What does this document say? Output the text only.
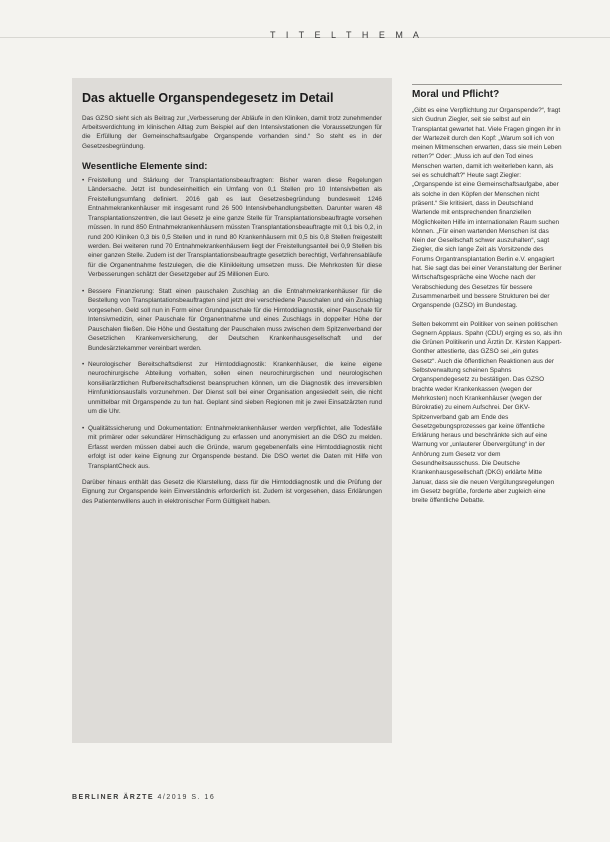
T I T E L T H E M A
Das aktuelle Organspendegesetz im Detail

Das GZSO sieht sich als Beitrag zur „Verbesserung der Abläufe in den Kliniken, damit trotz zunehmender Arbeitsverdichtung im klinischen Alltag zum Beispiel auf den Intensivstationen die Voraussetzungen für die Erfüllung der Gemeinschaftsaufgabe Organspende vorhanden sind.“ So steht es in der Gesetzesbegründung.

Wesentliche Elemente sind:
• Freistellung und Stärkung der Transplantationsbeauftragten: Bisher waren diese Regelungen Ländersache. Jetzt ist bundeseinheitlich ein Umfang von 0,1 Stellen pro 10 Intensivbetten als Freistellungsumfang definiert. 2016 gab es laut Gesetzesbegründung bundesweit 1246 Entnahmekrankenhäuser mit insgesamt rund 26 500 Intensivbehandlungsbetten. Darunter waren 48 Transplantationszentren, die laut Gesetz je eine ganze Stelle für Transplantationsbeauftragte vorsehen müssen. In rund 850 Entnahmekrankenhäusern müssten Transplantationsbeauftragte mit 0,1 bis 0,2, in rund 200 Kliniken 0,3 bis 0,5 Stellen und in rund 80 Krankenhäusern mit 0,5 bis 0,8 Stellen freigestellt werden. Bei weiteren rund 70 Entnahmekrankenhäusern liegt der Freistellungsanteil bei 0,9 Stellen bis einer ganzen Stelle. Zudem ist der Transplantationsbeauftragte gesetzlich berechtigt, Verfahrensabläufe für die Organentnahme festzulegen, die die Klinikleitung umsetzen muss. Die Mehrkosten für diese Verbesserungen schätzt der Gesetzgeber auf 25 Millionen Euro.
• Bessere Finanzierung: Statt einen pauschalen Zuschlag an die Entnahmekrankenhäuser für die Bestellung von Transplantationsbeauftragten sind jetzt drei verschiedene Pauschalen und ein Zuschlag vorgesehen. Geld soll nun in Form einer Grundpauschale für die Hirntoddiagnostik, einer Pauschale für Intensivmedizin, einer Pauschale für Organentnahme und eines Zuschlags in doppelter Höhe der Pauschalen fließen. Die Höhe und Gestaltung der Pauschalen muss zwischen dem Spitzenverband der Gesetzlichen Krankenversicherung, der Deutschen Krankenhausgesellschaft und der Bundesärztekammer vereinbart werden.
• Neurologischer Bereitschaftsdienst zur Hirntoddiagnostik: Krankenhäuser, die keine eigene neurochirurgische Abteilung vorhalten, sollen einen neurochirurgischen und neurologischen konsiliarärztlichen Rufbereitschaftsdienst beanspruchen können, um die Diagnostik des irreversiblen Hirnfunktionsausfalls vorzunehmen. Der Dienst soll bei einer Organisation angesiedelt sein, die nicht unmittelbar mit Organspende zu tun hat. Geplant sind sieben Regionen mit je zwei Einsatzärzten rund um die Uhr.
• Qualitätssicherung und Dokumentation: Entnahmekrankenhäuser werden verpflichtet, alle Todesfälle mit primärer oder sekundärer Hirnschädigung zu erfassen und anonymisiert an die DSO zu melden. Erfasst werden müssen dabei auch die Gründe, warum gegebenenfalls eine Hirntoddiagnostik nicht erfolgt ist oder keine Eignung zur Organspende bestand. Die DSO wertet die Daten mit Hilfe von TransplantCheck aus.

Darüber hinaus enthält das Gesetz die Klarstellung, dass für die Hirntoddiagnostik und die Prüfung der Eignung zur Organspende kein Einverständnis erforderlich ist. Zudem ist vorgesehen, dass Erklärungen des Patientenwillens auch in elektronischer Form Gültigkeit haben.

Moral und Pflicht?

„Gibt es eine Verpflichtung zur Organspende?“, fragt sich Gudrun Ziegler, seit sie selbst auf ein Transplantat gewartet hat. Viele Fragen gingen ihr in der Wartezeit durch den Kopf: „Warum soll ich von meinen Mitmenschen erwarten, dass sie mein Leben retten?“ Oder: „Muss ich auf den Tod eines Menschen warten, damit ich weiterleben kann, als sei es schuldhaft?“ Heute sagt Ziegler: „Organspende ist eine Gemeinschaftsaufgabe, aber als solche in den Köpfen der Menschen nicht präsent.“ Sie kritisiert, dass in Deutschland Wartende mit entsprechenden finanziellen Möglichkeiten Hilfe im internationalen Raum suchen können. „Für einen wartenden Menschen ist das Nein der Gesellschaft schwer auszuhalten“, sagt Ziegler, die sich lange Zeit als Vorsitzende des Forums Organtransplantation Berlin e.V. engagiert hat. Sie sagt das bei einer Veranstaltung der Berliner Wirtschaftsgespräche eine Woche nach der Verabschiedung des Gesetzes für bessere Zusammenarbeit und bessere Strukturen bei der Organspende (GZSO) im Bundestag.

Selten bekommt ein Politiker von seinen politischen Gegnern Applaus. Spahn (CDU) erging es so, als ihn die Grünen Politikerin und Ärztin Dr. Kirsten Kappert-Gonther attestierte, das GZSO sei „ein gutes Gesetz“. Auch die öffentlichen Reaktionen aus der Selbstverwaltung scheinen Spahns Organspendegesetz zu bestätigen. Das GZSO brachte weder Krankenkassen (wegen der Mehrkosten) noch Krankenhäuser (wegen der Bürokratie) zu einem Aufschrei. Der GKV-Spitzenverband gab am Ende des Gesetzgebungsprozesses gar keine öffentliche Erklärung heraus und beschränkte sich auf eine Warnung vor „unlauterer Übervergütung“ in der Anhörung zum Gesetz vor dem Gesundheitsausschuss. Die Deutsche Krankenhausgesellschaft (DKG) erklärte Mitte Januar, dass sie die neuen Vergütungsregelungen im Gesetz begrüße, forderte aber zugleich eine breite öffentliche Debatte.

BERLINER ÄRZTE 4/2019 S. 16
